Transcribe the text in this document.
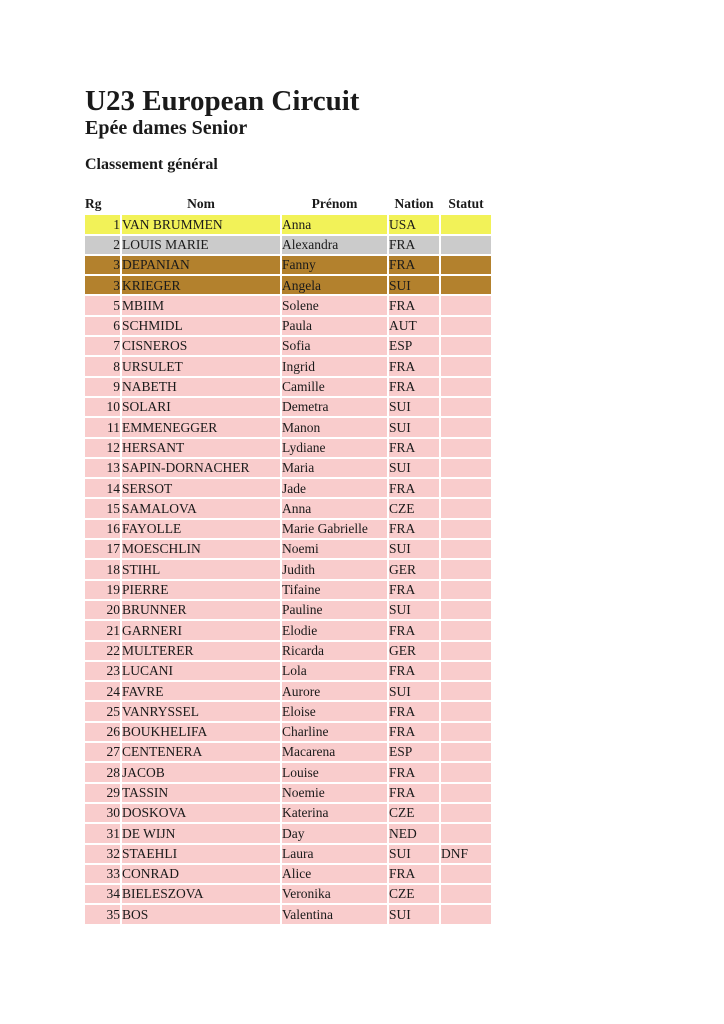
U23 European Circuit
Epée dames Senior
Classement général
Rg	Nom	Prénom	Nation	Statut
1	VAN BRUMMEN	Anna	USA	
2	LOUIS MARIE	Alexandra	FRA	
3	DEPANIAN	Fanny	FRA	
3	KRIEGER	Angela	SUI	
5	MBIIM	Solene	FRA	
6	SCHMIDL	Paula	AUT	
7	CISNEROS	Sofia	ESP	
8	URSULET	Ingrid	FRA	
9	NABETH	Camille	FRA	
10	SOLARI	Demetra	SUI	
11	EMMENEGGER	Manon	SUI	
12	HERSANT	Lydiane	FRA	
13	SAPIN-DORNACHER	Maria	SUI	
14	SERSOT	Jade	FRA	
15	SAMALOVA	Anna	CZE	
16	FAYOLLE	Marie Gabrielle	FRA	
17	MOESCHLIN	Noemi	SUI	
18	STIHL	Judith	GER	
19	PIERRE	Tifaine	FRA	
20	BRUNNER	Pauline	SUI	
21	GARNERI	Elodie	FRA	
22	MULTERER	Ricarda	GER	
23	LUCANI	Lola	FRA	
24	FAVRE	Aurore	SUI	
25	VANRYSSEL	Eloise	FRA	
26	BOUKHELIFA	Charline	FRA	
27	CENTENERA	Macarena	ESP	
28	JACOB	Louise	FRA	
29	TASSIN	Noemie	FRA	
30	DOSKOVA	Katerina	CZE	
31	DE WIJN	Day	NED	
32	STAEHLI	Laura	SUI	DNF
33	CONRAD	Alice	FRA	
34	BIELESZOVA	Veronika	CZE	
35	BOS	Valentina	SUI	
